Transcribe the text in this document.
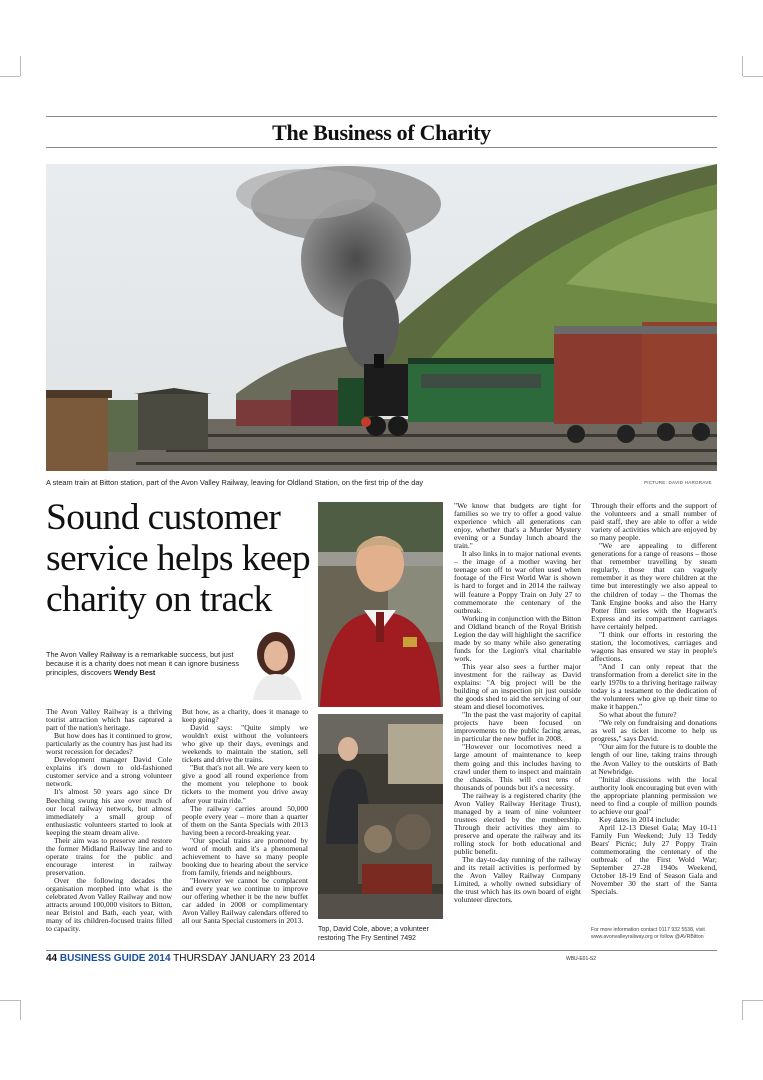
The Business of Charity
A steam train at Bitton station, part of the Avon Valley Railway, leaving for Oldland Station, on the first trip of the day	PICTURE: DAVID HARGRAVE
Sound customer service helps keep charity on track
The Avon Valley Railway is a remarkable success, but just because it is a charity does not mean it can ignore business principles, discovers Wendy Best

The Avon Valley Railway is a thriving tourist attraction which has captured a part of the nation's heritage.

But how does has it continued to grow, particularly as the country has just had its worst recession for decades?

Development manager David Cole explains it's down to old-fashioned customer service and a strong volunteer network.

It's almost 50 years ago since Dr Beeching swung his axe over much of our local railway network, but almost immediately a small group of enthusiastic volunteers started to look at keeping the steam dream alive.

Their aim was to preserve and restore the former Midland Railway line and to operate trains for the public and encourage interest in railway preservation.

Over the following decades the organisation morphed into what is the celebrated Avon Valley Railway and now attracts around 100,000 visitors to Bitton, near Bristol and Bath, each year, with many of its children-focused trains filled to capacity.

But how, as a charity, does it manage to keep going?

David says: "Quite simply we wouldn't exist without the volunteers who give up their days, evenings and weekends to maintain the station, sell tickets and drive the trains.

"But that's not all. We are very keen to give a good all round experience from the moment you telephone to book tickets to the moment you drive away after your train ride."

The railway carries around 50,000 people every year – more than a quarter of them on the Santa Specials with 2013 having been a record-breaking year.

"Our special trains are promoted by word of mouth and it's a phenomenal achievement to have so many people booking due to hearing about the service from family, friends and neighbours.

"However we cannot be complacent and every year we continue to improve our offering whether it be the new buffet car added in 2008 or complimentary Avon Valley Railway calendars offered to all our Santa Special customers in 2013.

"We know that budgets are tight for families so we try to offer a good value experience which all generations can enjoy, whether that's a Murder Mystery evening or a Sunday lunch aboard the train."

It also links in to major national events – the image of a mother waving her teenage son off to war often used when footage of the First World War is shown is hard to forget and in 2014 the railway will feature a Poppy Train on July 27 to commemorate the centenary of the outbreak.

Working in conjunction with the Bitton and Oldland branch of the Royal British Legion the day will highlight the sacrifice made by so many while also generating funds for the Legion's vital charitable work.

This year also sees a further major investment for the railway as David explains: "A big project will be the building of an inspection pit just outside the goods shed to aid the servicing of our steam and diesel locomotives.

"In the past the vast majority of capital projects have been focused on improvements to the public facing areas, in particular the new buffet in 2008.

"However our locomotives need a large amount of maintenance to keep them going and this includes having to crawl under them to inspect and maintain the chassis. This will cost tens of thousands of pounds but it's a necessity.

The railway is a registered charity (the Avon Valley Railway Heritage Trust), managed by a team of nine volunteer trustees elected by the membership. Through their activities they aim to preserve and operate the railway and its rolling stock for both educational and public benefit.

The day-to-day running of the railway and its retail activities is performed by the Avon Valley Railway Company Limited, a wholly owned subsidiary of the trust which has its own board of eight volunteer directors.

Through their efforts and the support of the volunteers and a small number of paid staff, they are able to offer a wide variety of activities which are enjoyed by so many people.

"We are appealing to different generations for a range of reasons – those that remember travelling by steam regularly, those that can vaguely remember it as they were children at the time but interestingly we also appeal to the children of today – the Thomas the Tank Engine books and also the Harry Potter film series with the Hogwart's Express and its compartment carriages have certainly helped.

"I think our efforts in restoring the station, the locomotives, carriages and wagons has ensured we stay in people's affections.

"And I can only repeat that the transformation from a derelict site in the early 1970s to a thriving heritage railway today is a testament to the dedication of the volunteers who give up their time to make it happen."

So what about the future?

"We rely on fundraising and donations as well as ticket income to help us progress," says David.

"Our aim for the future is to double the length of our line, taking trains through the Avon Valley to the outskirts of Bath at Newbridge.

"Initial discussions with the local authority look encouraging but even with the appropriate planning permission we need to find a couple of million pounds to achieve our goal"

Key dates in 2014 include:

April 12-13 Diesel Gala; May 10-11 Family Fun Weekend; July 13 Teddy Bears' Picnic; July 27 Poppy Train commemorating the centenary of the outbreak of the First Wold War; September 27-28 1940s Weekend, October 18-19 End of Season Gala and November 30 the start of the Santa Specials.

Top, David Cole, above; a volunteer restoring The Fry Sentinel 7492
For more information contact 0117 932 5538, visit www.avonvalleyrailway.org or follow @AVRBitton
44 BUSINESS GUIDE 2014 THURSDAY JANUARY 23 2014	WBU-E01-S2
